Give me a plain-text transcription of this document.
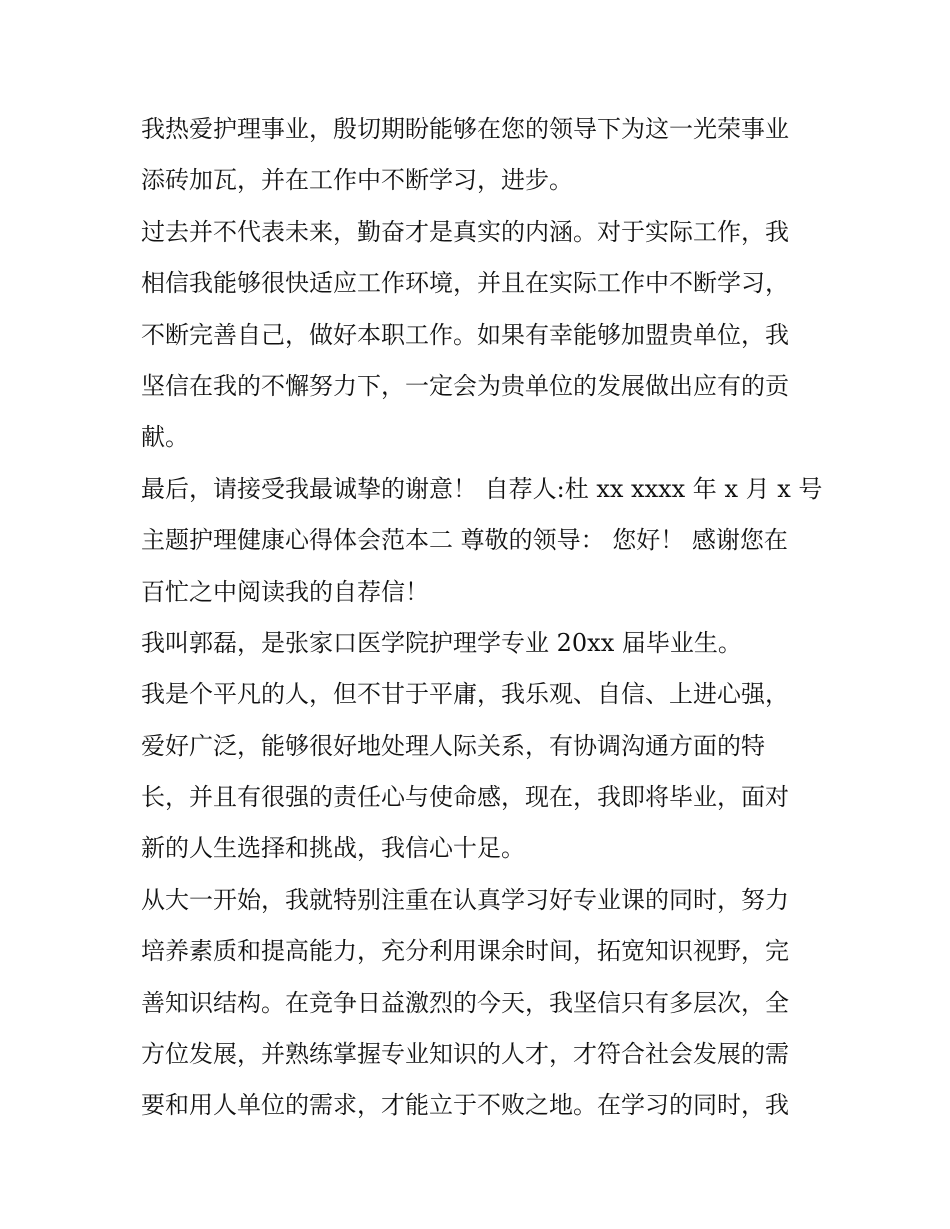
我热爱护理事业，殷切期盼能够在您的领导下为这一光荣事业
添砖加瓦，并在工作中不断学习，进步。
过去并不代表未来，勤奋才是真实的内涵。对于实际工作，我
相信我能够很快适应工作环境，并且在实际工作中不断学习，
不断完善自己，做好本职工作。如果有幸能够加盟贵单位，我
坚信在我的不懈努力下，一定会为贵单位的发展做出应有的贡
献。
最后，请接受我最诚挚的谢意！ 自荐人:杜 xx xxxx 年 x 月 x 号
主题护理健康心得体会范本二 尊敬的领导： 您好！ 感谢您在
百忙之中阅读我的自荐信！
我叫郭磊，是张家口医学院护理学专业 20xx 届毕业生。
我是个平凡的人，但不甘于平庸，我乐观、自信、上进心强，
爱好广泛，能够很好地处理人际关系，有协调沟通方面的特
长，并且有很强的责任心与使命感，现在，我即将毕业，面对
新的人生选择和挑战，我信心十足。
从大一开始，我就特别注重在认真学习好专业课的同时，努力
培养素质和提高能力，充分利用课余时间，拓宽知识视野，完
善知识结构。在竞争日益激烈的今天，我坚信只有多层次，全
方位发展，并熟练掌握专业知识的人才，才符合社会发展的需
要和用人单位的需求，才能立于不败之地。在学习的同时，我
